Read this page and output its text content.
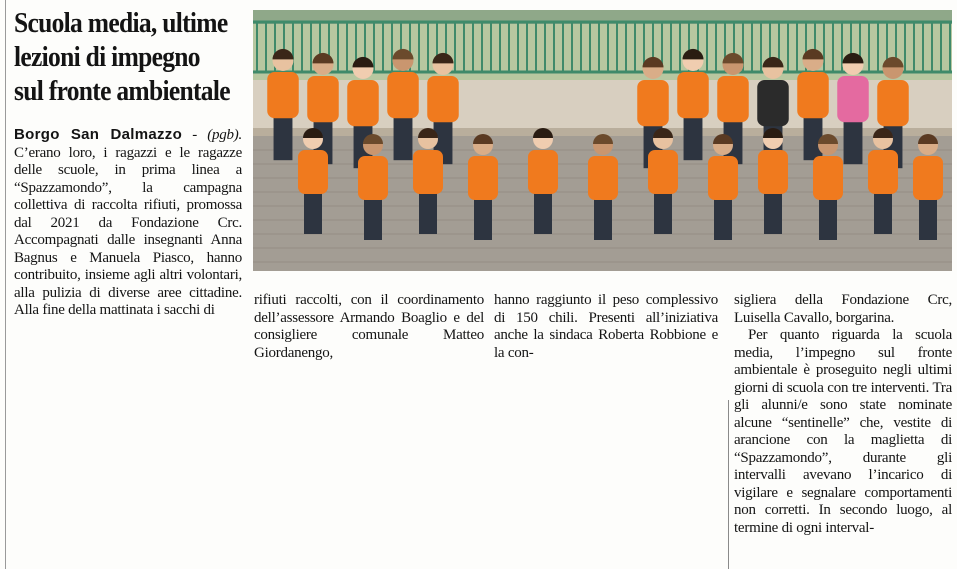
Scuola media, ultime
lezioni di impegno
sul fronte ambientale

Borgo San Dalmazzo - (pgb). C’erano loro, i ragazzi e le ragazze delle scuole, in prima linea a “Spazzamondo”, la campagna collettiva di raccolta rifiuti, promossa dal 2021 da Fondazione Crc. Accompagnati dalle insegnanti Anna Bagnus e Manuela Piasco, hanno contribuito, insieme agli altri volontari, alla pulizia di diverse aree cittadine. Alla fine della mattinata i sacchi di

rifiuti raccolti, con il coordinamento dell’assessore Armando Boaglio e del consigliere comunale Matteo Giordanengo,

hanno raggiunto il peso complessivo di 150 chili. Presenti all’iniziativa anche la sindaca Roberta Robbione e la con-

sigliera della Fondazione Crc, Luisella Cavallo, borgarina.

Per quanto riguarda la scuola media, l’impegno sul fronte ambientale è proseguito negli ultimi giorni di scuola con tre interventi. Tra gli alunni/e sono state nominate alcune “sentinelle” che, vestite di arancione con la maglietta di “Spazzamondo”, durante gli intervalli avevano l’incarico di vigilare e segnalare comportamenti non corretti. In secondo luogo, al termine di ogni interval-
